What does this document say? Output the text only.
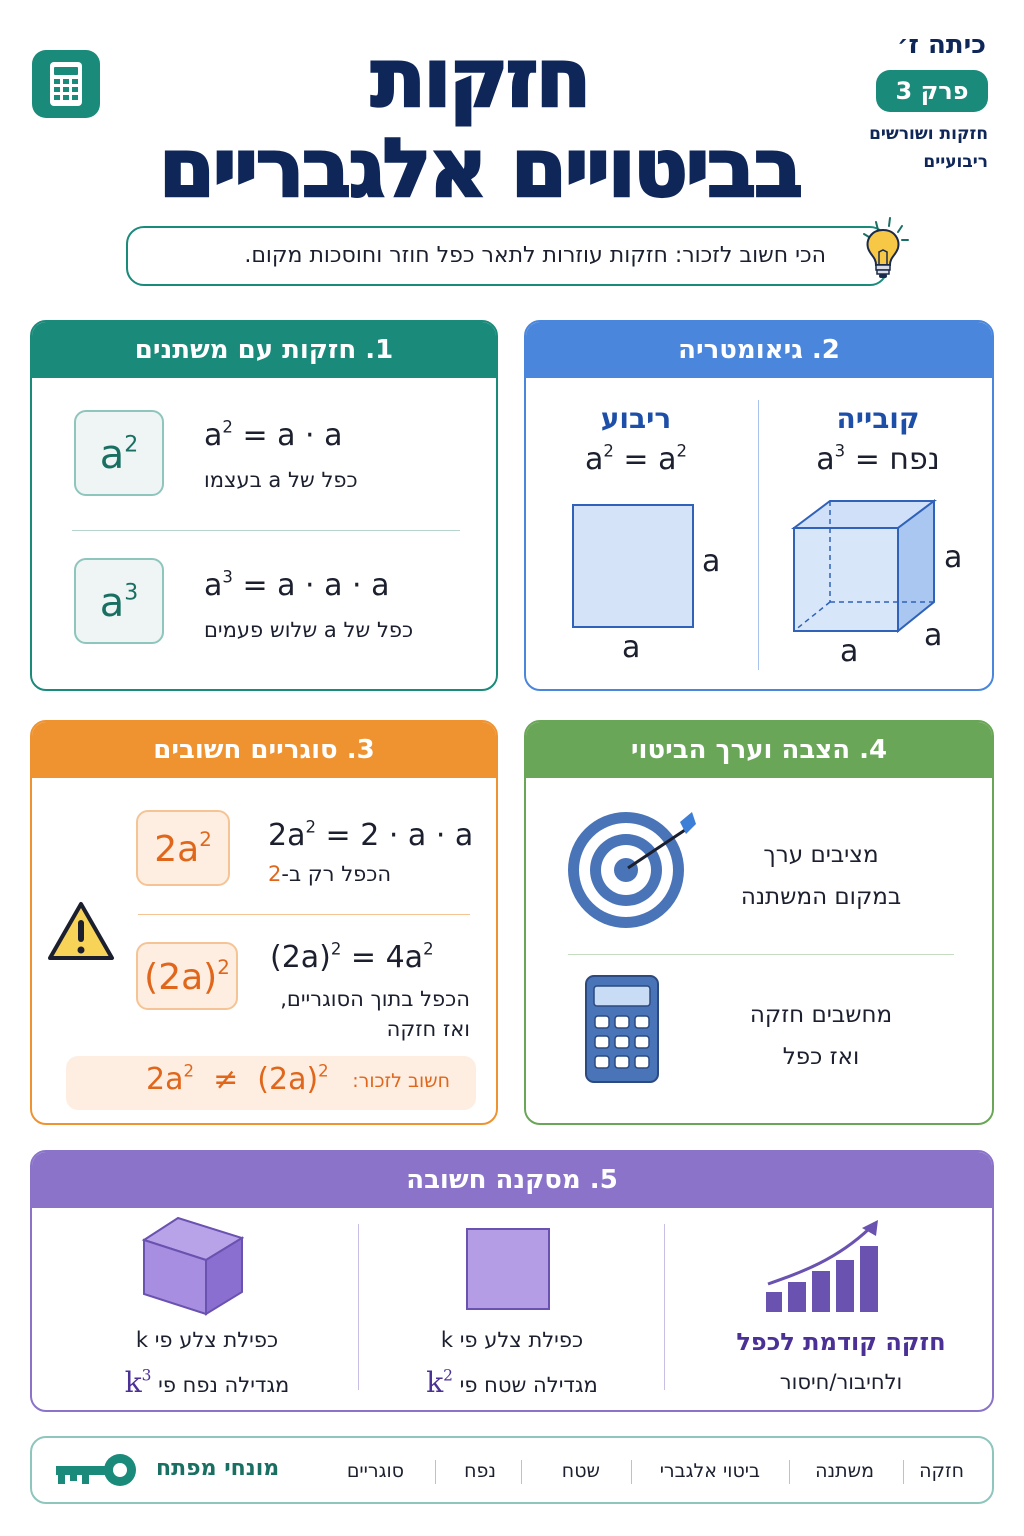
חזקות
בביטויים אלגבריים
כיתה ז׳
פרק 3
חזקות ושורשים ריבועיים
הכי חשוב לזכור: חזקות עוזרות לתאר כפל חוזר וחוסכות מקום.
1. חזקות עם משתנים
$a^2$	$a^2 = a \cdot a$
כפל של a בעצמו
$a^3$	$a^3 = a \cdot a \cdot a$
כפל של a שלוש פעמים
2. גיאומטריה
ריבוע
$a^2 = a^2$
a
a
קובייה
נפח = $a^3$
a
a
a
3. סוגריים חשובים
$2a^2$	$2a^2 = 2 \cdot a \cdot a$
הכפל רק ב-2
$(2a)^2$ $(2a)^2 = 4a^2$
הכפל בתוך הסוגריים,
ואז חזקה
חשוב לזכור:
$2a^2 \ne (2a)^2$
4. הצבה וערך הביטוי
מציבים ערך
במקום המשתנה
מחשבים חזקה
ואז כפל
5. מסקנה חשובה
חזקה קודמת לכפל
ולחיבור/חיסור
כפילת צלע פי k
מגדילה שטח פי $k^2$
כפילת צלע פי k
מגדילה נפח פי $k^3$
מונחי מפתח	חזקה
משתנה
ביטוי אלגברי
שטח
נפח
סוגריים
